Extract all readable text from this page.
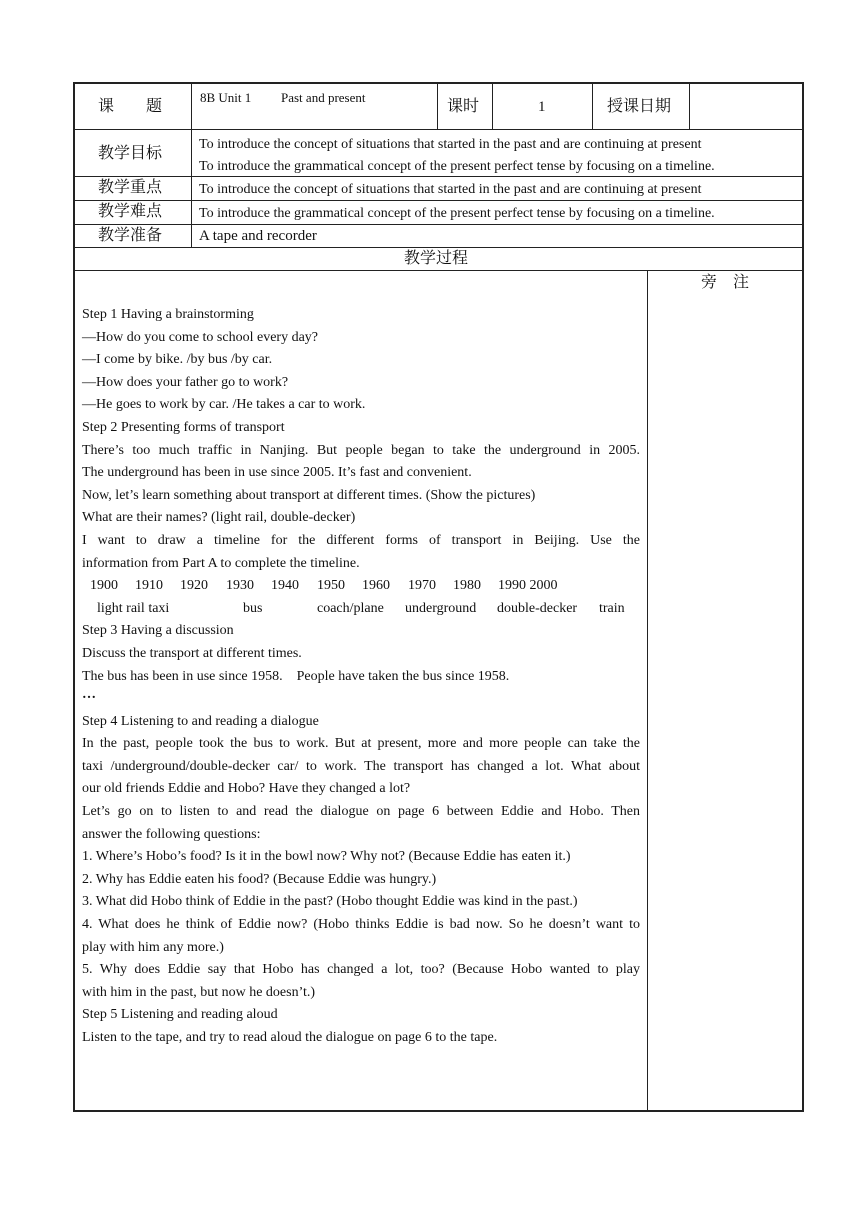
课　　题	8B Unit 1 Past and present	课时	1	授课日期
教学目标	To introduce the concept of situations that started in the past and are continuing at present
To introduce the grammatical concept of the present perfect tense by focusing on a timeline.
教学重点	To introduce the concept of situations that started in the past and are continuing at present
教学难点	To introduce the grammatical concept of the present perfect tense by focusing on a timeline.
教学准备 A tape and recorder
教学过程
旁　注
Step 1 Having a brainstorming
—How do you come to school every day?
—I come by bike. /by bus /by car.
—How does your father go to work?
—He goes to work by car. /He takes a car to work.
Step 2 Presenting forms of transport
There’s too much traffic in Nanjing. But people began to take the underground in 2005.
The underground has been in use since 2005. It’s fast and convenient.
Now, let’s learn something about transport at different times. (Show the pictures)
What are their names? (light rail, double-decker)
I want to draw a timeline for the different forms of transport in Beijing. Use the
information from Part A to complete the timeline.
1900 1910 1920 1930 1940 1950 1960 1970 1980 1990 2000
light rail taxi	bus	coach/plane underground double-decker train
Step 3 Having a discussion
Discuss the transport at different times.
The bus has been in use since 1958.　People have taken the bus since 1958.
…
Step 4 Listening to and reading a dialogue
In the past, people took the bus to work. But at present, more and more people can take the
taxi /underground/double-decker car/ to work. The transport has changed a lot. What about
our old friends Eddie and Hobo? Have they changed a lot?
Let’s go on to listen to and read the dialogue on page 6 between Eddie and Hobo. Then
answer the following questions:
1. Where’s Hobo’s food? Is it in the bowl now? Why not? (Because Eddie has eaten it.)
2. Why has Eddie eaten his food? (Because Eddie was hungry.)
3. What did Hobo think of Eddie in the past? (Hobo thought Eddie was kind in the past.)
4. What does he think of Eddie now? (Hobo thinks Eddie is bad now. So he doesn’t want to
play with him any more.)
5. Why does Eddie say that Hobo has changed a lot, too? (Because Hobo wanted to play
with him in the past, but now he doesn’t.)
Step 5 Listening and reading aloud
Listen to the tape, and try to read aloud the dialogue on page 6 to the tape.
